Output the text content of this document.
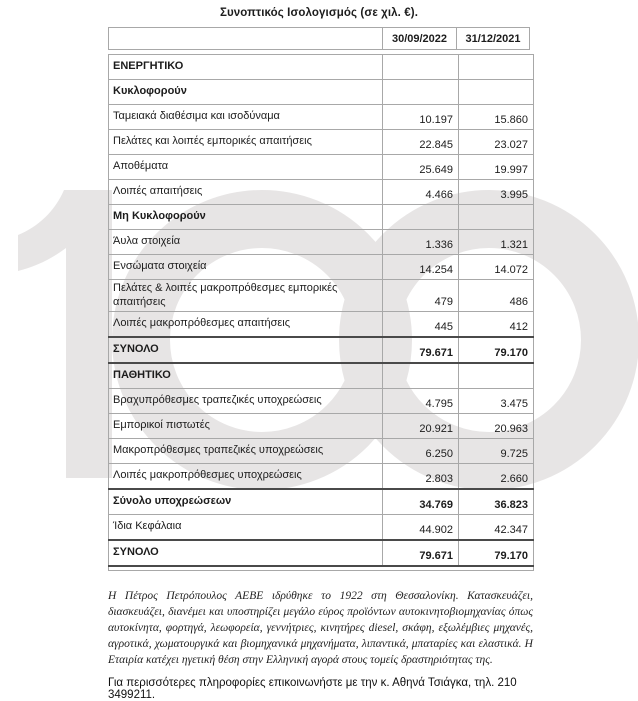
Συνοπτικός Ισολογισμός (σε χιλ. €).
	30/09/2022	31/12/2021
ΕΝΕΡΓΗΤΙΚΟ		
Κυκλοφορούν		
Ταμειακά διαθέσιμα και ισοδύναμα	10.197	15.860
Πελάτες και λοιπές εμπορικές απαιτήσεις	22.845	23.027
Αποθέματα	25.649	19.997
Λοιπές απαιτήσεις	4.466	3.995
Μη Κυκλοφορούν		
Άυλα στοιχεία	1.336	1.321
Ενσώματα στοιχεία	14.254	14.072
Πελάτες & λοιπές μακροπρόθεσμες εμπορικές απαιτήσεις	479	486
Λοιπές μακροπρόθεσμες απαιτήσεις	445	412
ΣΥΝΟΛΟ	79.671	79.170
ΠΑΘΗΤΙΚΟ		
Βραχυπρόθεσμες τραπεζικές υποχρεώσεις	4.795	3.475
Εμπορικοί πιστωτές	20.921	20.963
Μακροπρόθεσμες τραπεζικές υποχρεώσεις	6.250	9.725
Λοιπές μακροπρόθεσμες υποχρεώσεις	2.803	2.660
Σύνολο υποχρεώσεων	34.769	36.823
Ίδια Κεφάλαια	44.902	42.347
ΣΥΝΟΛΟ	79.671	79.170

Η Πέτρος Πετρόπουλος ΑΕΒΕ ιδρύθηκε το 1922 στη Θεσσαλονίκη. Κατασκευάζει, διασκευάζει, διανέμει και υποστηρίζει μεγάλο εύρος προϊόντων αυτοκινητοβιομηχανίας όπως αυτοκίνητα, φορτηγά, λεωφορεία, γεννήτριες, κινητήρες diesel, σκάφη, εξωλέμβιες μηχανές, αγροτικά, χωματουργικά και βιομηχανικά μηχανήματα, λιπαντικά, μπαταρίες και ελαστικά. Η Εταιρία κατέχει ηγετική θέση στην Ελληνική αγορά στους τομείς δραστηριότητας της.
Για περισσότερες πληροφορίες επικοινωνήστε με την κ. Αθηνά Τσιάγκα, τηλ. 210 3499211.
